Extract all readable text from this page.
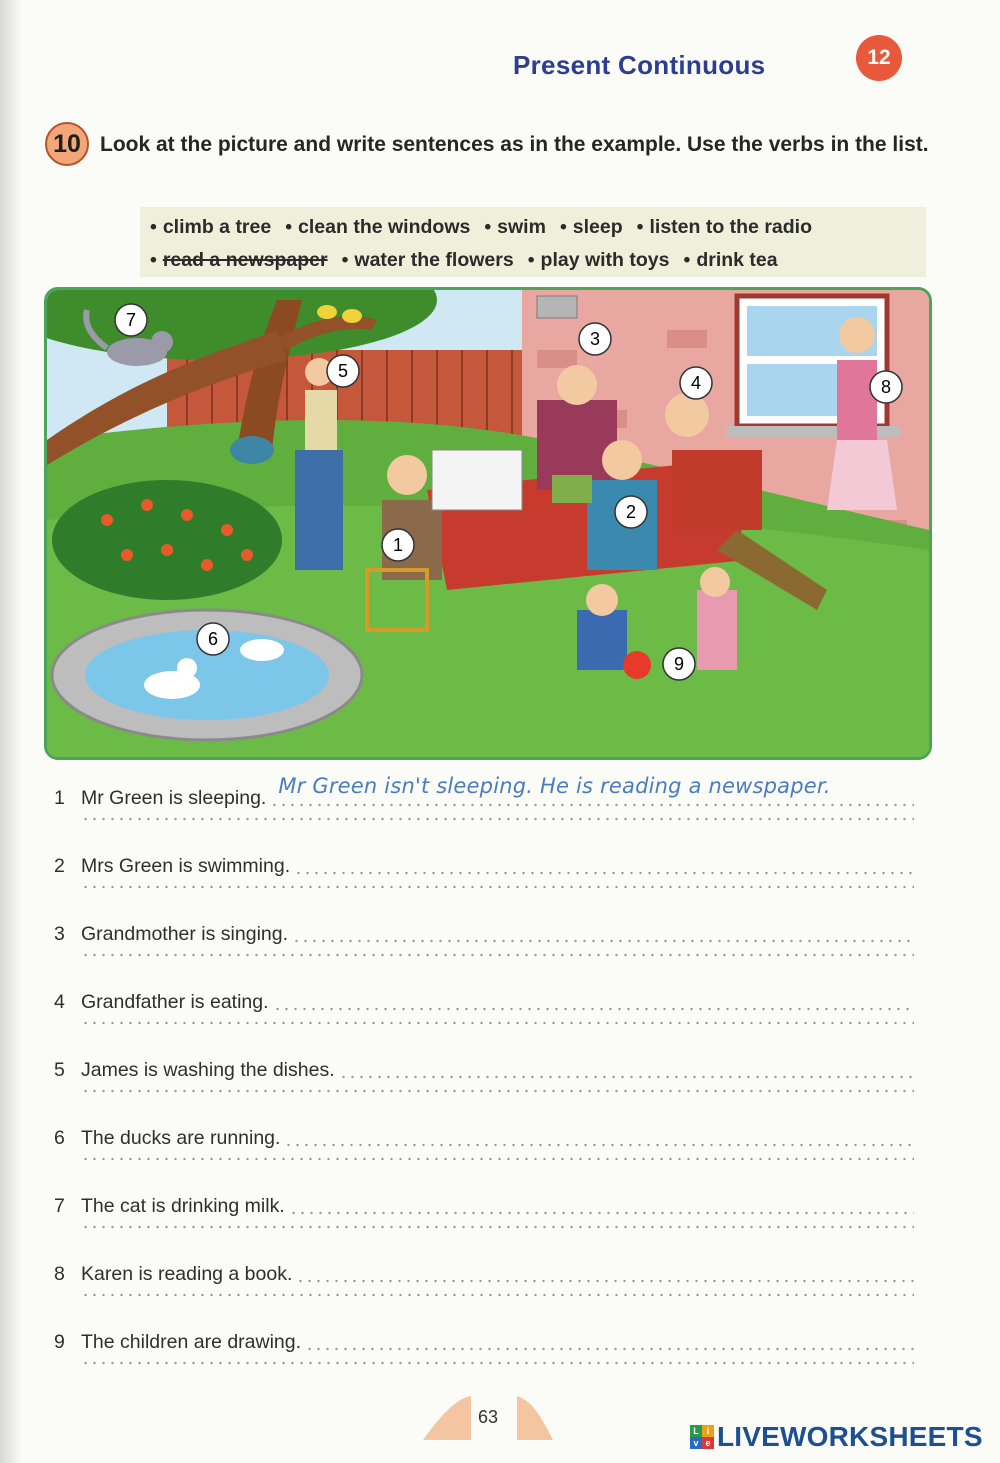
Present Continuous	12
10 Look at the picture and write sentences as in the example. Use the verbs in the list.
• climb a tree	• clean the windows	• swim	• sleep	• listen to the radio
• read a newspaper	• water the flowers	• play with toys	• drink tea
1
2
3
4
5
6
7
8
9
1 Mr Green is sleeping. Mr Green isn't sleeping. He is reading a newspaper.
2 Mrs Green is swimming.
3 Grandmother is singing.
4 Grandfather is eating.
5 James is washing the dishes.
6 The ducks are running.
7 The cat is drinking milk.
8 Karen is reading a book.
9 The children are drawing.
63
L i
v e LIVEWORKSHEETS
